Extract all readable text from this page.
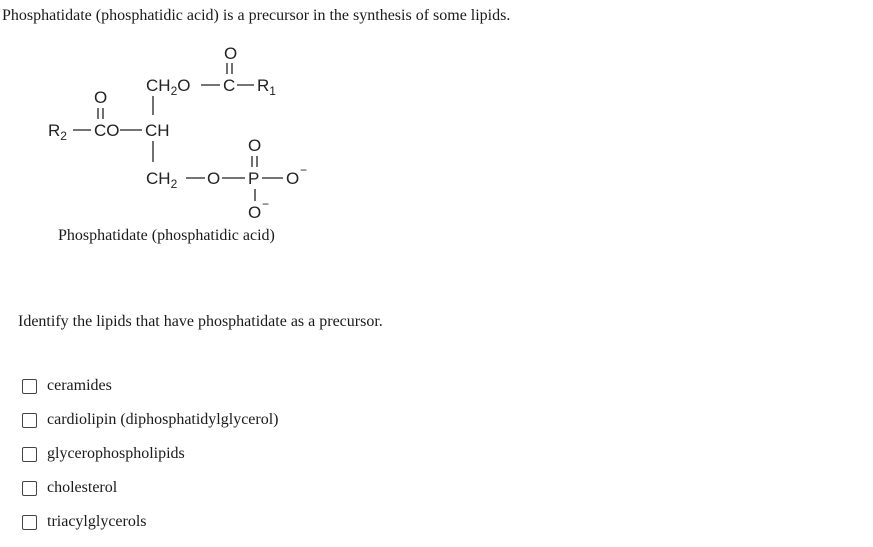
Phosphatidate (phosphatidic acid) is a precursor in the synthesis of some lipids.
O
$CH_2O$ C $R_1$
O
$R_2$ CO CH
O
$CH_2$ O P O −
O −
Phosphatidate (phosphatidic acid)
Identify the lipids that have phosphatidate as a precursor.
ceramides
cardiolipin (diphosphatidylglycerol)
glycerophospholipids
cholesterol
triacylglycerols
